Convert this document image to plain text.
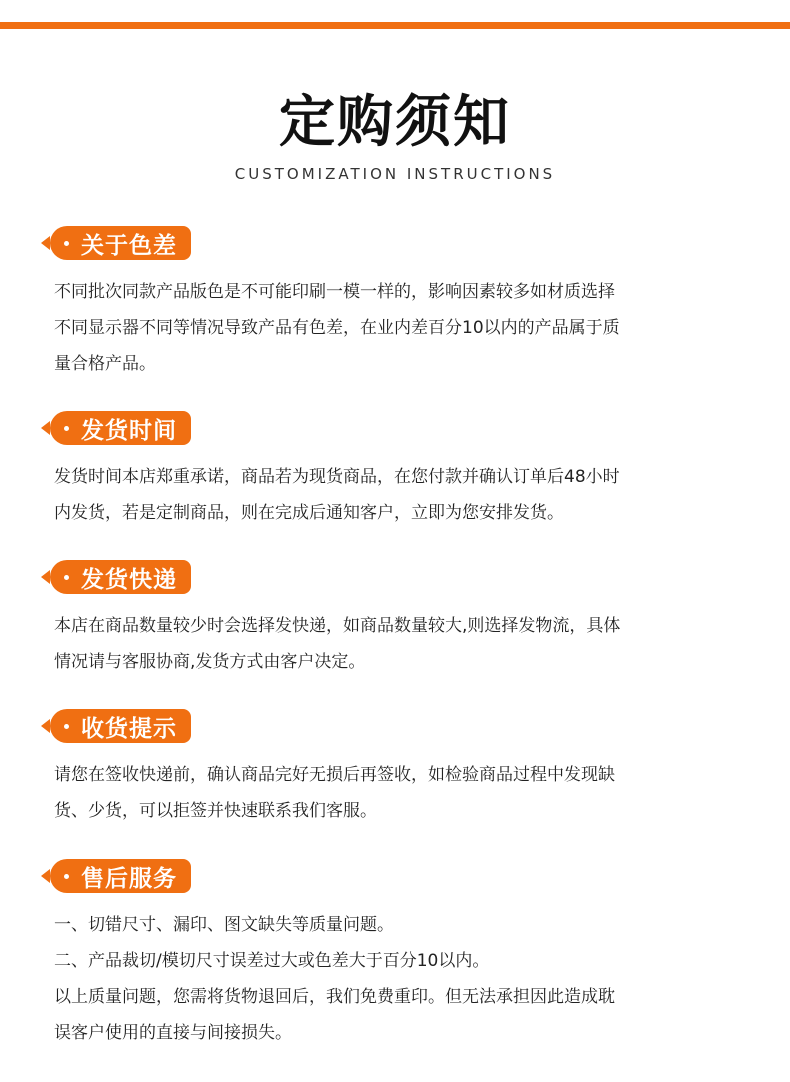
定购须知
CUSTOMIZATION INSTRUCTIONS
关于色差
不同批次同款产品版色是不可能印刷一模一样的，影响因素较多如材质选择
不同显示器不同等情况导致产品有色差，在业内差百分10以内的产品属于质
量合格产品。
发货时间
发货时间本店郑重承诺，商品若为现货商品，在您付款并确认订单后48小时
内发货，若是定制商品，则在完成后通知客户，立即为您安排发货。
发货快递
本店在商品数量较少时会选择发快递，如商品数量较大,则选择发物流，具体
情况请与客服协商,发货方式由客户决定。
收货提示
请您在签收快递前，确认商品完好无损后再签收，如检验商品过程中发现缺
货、少货，可以拒签并快速联系我们客服。
售后服务
一、切错尺寸、漏印、图文缺失等质量问题。
二、产品裁切/模切尺寸误差过大或色差大于百分10以内。
以上质量问题，您需将货物退回后，我们免费重印。但无法承担因此造成耽
误客户使用的直接与间接损失。
